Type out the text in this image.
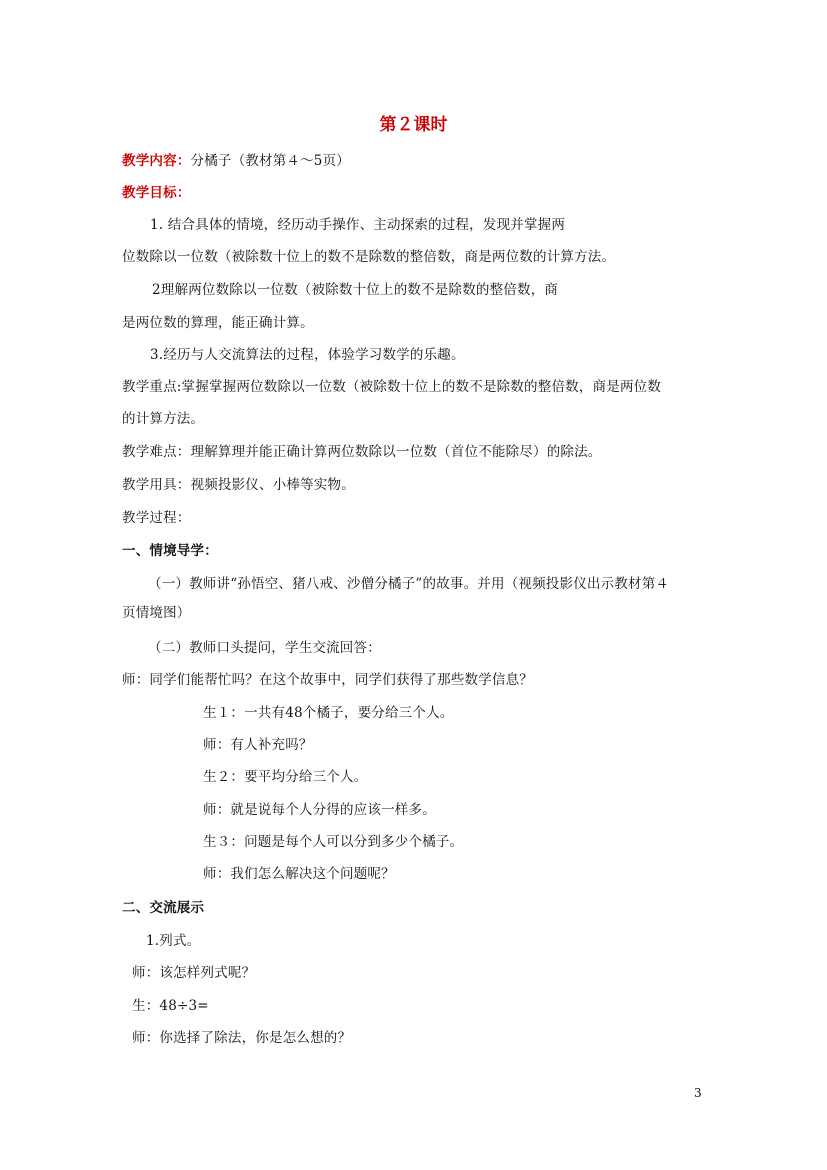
第２课时
教学内容：分橘子（教材第４～5页）
教学目标：
1. 结合具体的情境，经历动手操作、主动探索的过程，发现并掌握两
位数除以一位数（被除数十位上的数不是除数的整倍数，商是两位数的计算方法。
2理解两位数除以一位数（被除数十位上的数不是除数的整倍数，商
是两位数的算理，能正确计算。
3.经历与人交流算法的过程，体验学习数学的乐趣。
教学重点:掌握掌握两位数除以一位数（被除数十位上的数不是除数的整倍数，商是两位数
的计算方法。
教学难点：理解算理并能正确计算两位数除以一位数（首位不能除尽）的除法。
教学用具：视频投影仪、小棒等实物。
教学过程：
一、情境导学：
（一）教师讲“孙悟空、猪八戒、沙僧分橘子”的故事。并用（视频投影仪出示教材第４
页情境图）
（二）教师口头提问，学生交流回答：
师：同学们能帮忙吗？在这个故事中，同学们获得了那些数学信息？
生１：一共有48个橘子，要分给三个人。
师：有人补充吗？
生２：要平均分给三个人。
师：就是说每个人分得的应该一样多。
生３：问题是每个人可以分到多少个橘子。
师：我们怎么解决这个问题呢？
二、交流展示
1.列式。
师：该怎样列式呢？
生：48÷3=
师：你选择了除法，你是怎么想的？
3
